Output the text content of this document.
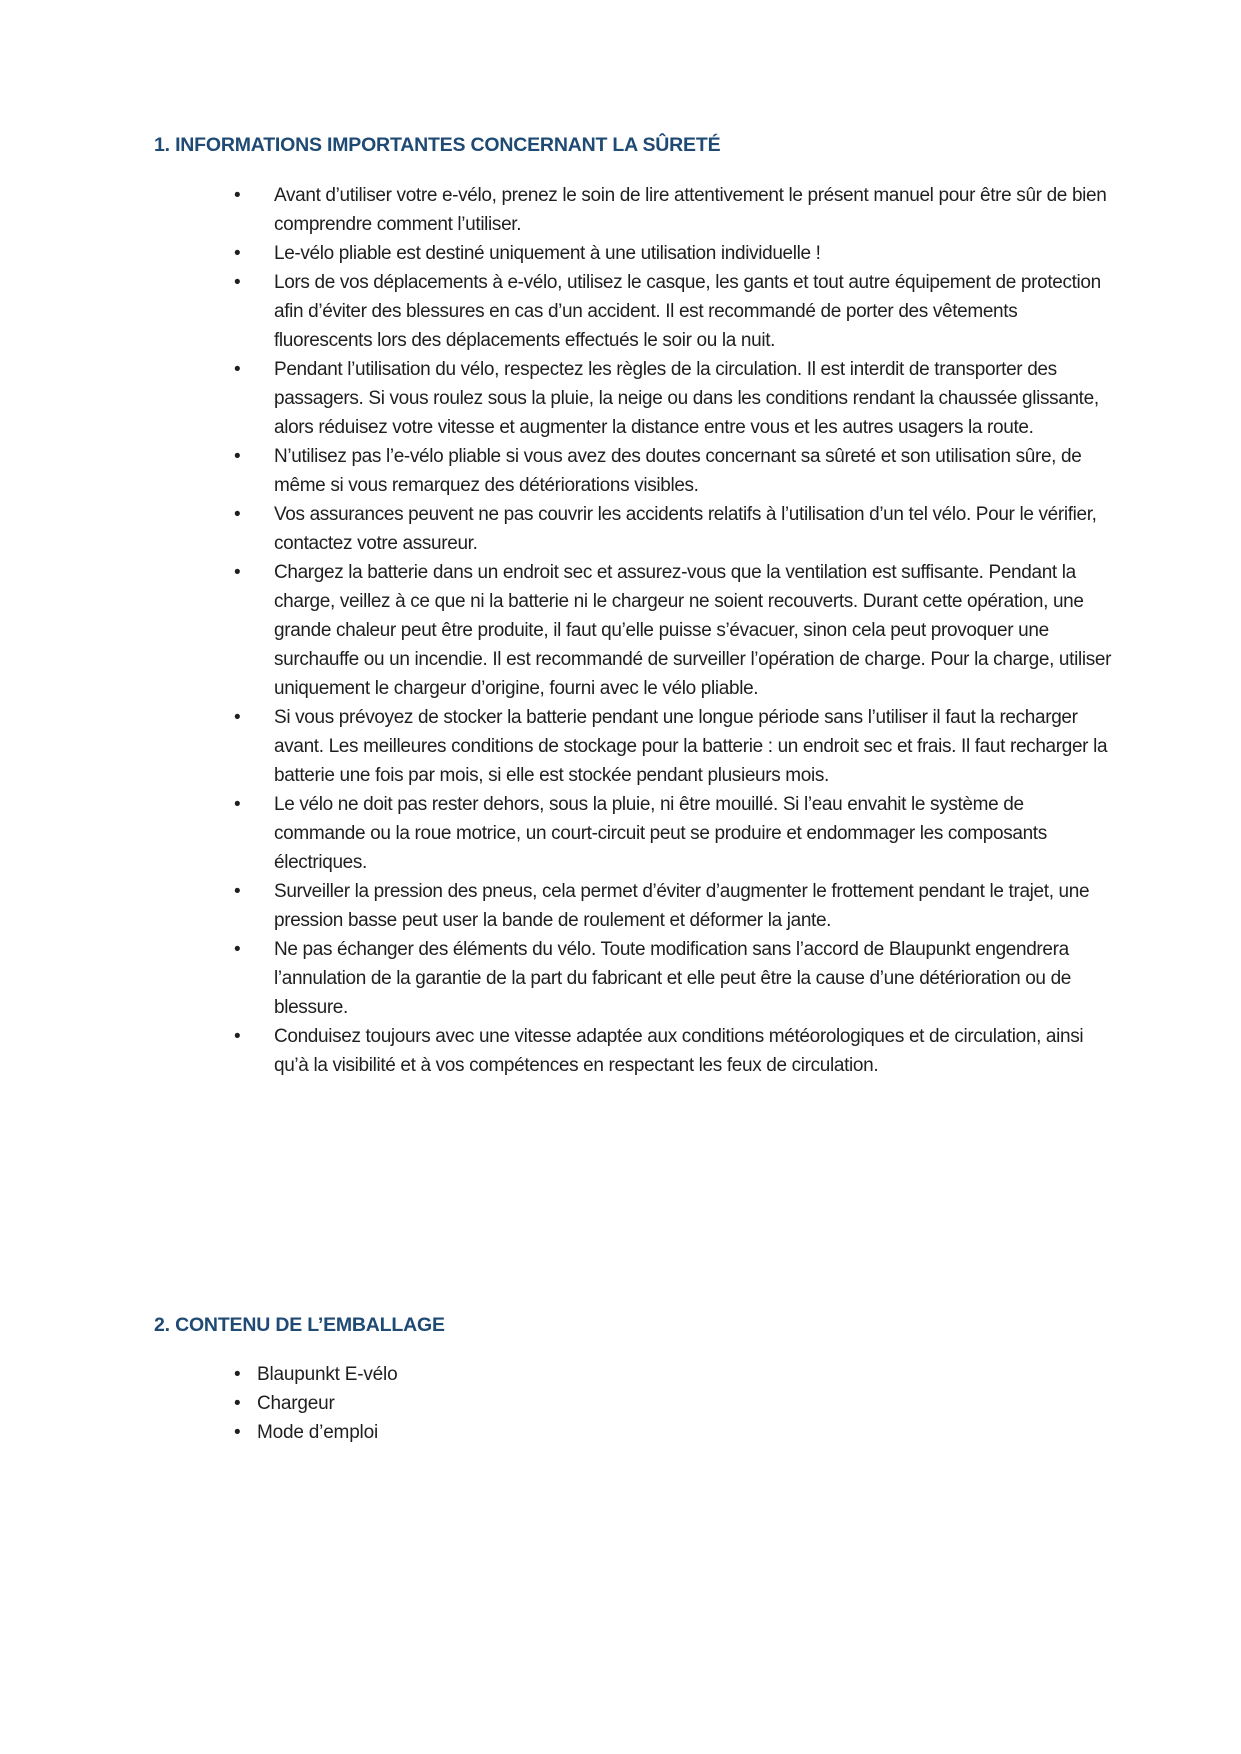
1. INFORMATIONS IMPORTANTES CONCERNANT LA SÛRETÉ
• Avant d’utiliser votre e-vélo, prenez le soin de lire attentivement le présent manuel pour être sûr de bien comprendre comment l’utiliser.
• Le-vélo pliable est destiné uniquement à une utilisation individuelle !
• Lors de vos déplacements à e-vélo, utilisez le casque, les gants et tout autre équipement de protection afin d’éviter des blessures en cas d’un accident. Il est recommandé de porter des vêtements fluorescents lors des déplacements effectués le soir ou la nuit.
• Pendant l’utilisation du vélo, respectez les règles de la circulation. Il est interdit de transporter des passagers. Si vous roulez sous la pluie, la neige ou dans les conditions rendant la chaussée glissante, alors réduisez votre vitesse et augmenter la distance entre vous et les autres usagers la route.
• N’utilisez pas l’e-vélo pliable si vous avez des doutes concernant sa sûreté et son utilisation sûre, de même si vous remarquez des détériorations visibles.
• Vos assurances peuvent ne pas couvrir les accidents relatifs à l’utilisation d’un tel vélo. Pour le vérifier, contactez votre assureur.
• Chargez la batterie dans un endroit sec et assurez-vous que la ventilation est suffisante. Pendant la charge, veillez à ce que ni la batterie ni le chargeur ne soient recouverts. Durant cette opération, une grande chaleur peut être produite, il faut qu’elle puisse s’évacuer, sinon cela peut provoquer une surchauffe ou un incendie. Il est recommandé de surveiller l’opération de charge. Pour la charge, utiliser uniquement le chargeur d’origine, fourni avec le vélo pliable.
• Si vous prévoyez de stocker la batterie pendant une longue période sans l’utiliser il faut la recharger avant. Les meilleures conditions de stockage pour la batterie : un endroit sec et frais. Il faut recharger la batterie une fois par mois, si elle est stockée pendant plusieurs mois.
• Le vélo ne doit pas rester dehors, sous la pluie, ni être mouillé. Si l’eau envahit le système de commande ou la roue motrice, un court-circuit peut se produire et endommager les composants électriques.
• Surveiller la pression des pneus, cela permet d’éviter d’augmenter le frottement pendant le trajet, une pression basse peut user la bande de roulement et déformer la jante.
• Ne pas échanger des éléments du vélo. Toute modification sans l’accord de Blaupunkt engendrera l’annulation de la garantie de la part du fabricant et elle peut être la cause d’une détérioration ou de blessure.
• Conduisez toujours avec une vitesse adaptée aux conditions météorologiques et de circulation, ainsi qu’à la visibilité et à vos compétences en respectant les feux de circulation.
2. CONTENU DE L’EMBALLAGE
• Blaupunkt E-vélo
• Chargeur
• Mode d’emploi
